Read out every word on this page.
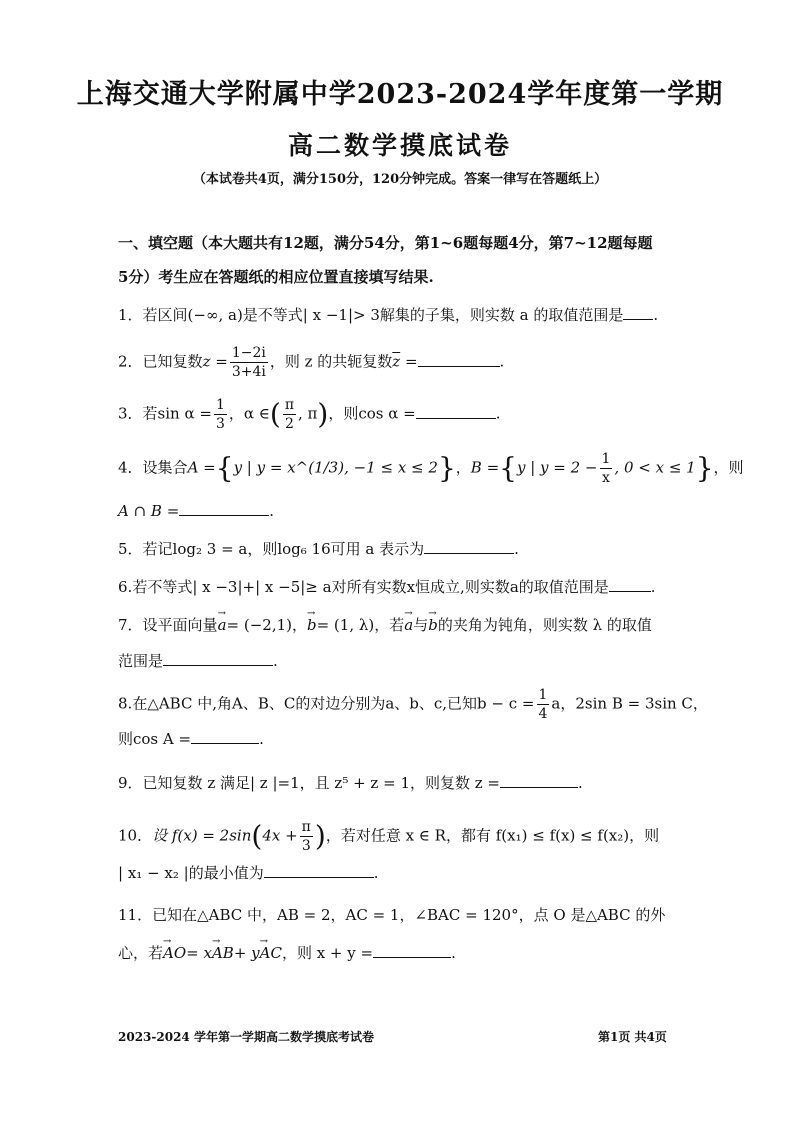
上海交通大学附属中学2023-2024学年度第一学期
高二数学摸底试卷
（本试卷共4页，满分150分，120分钟完成。答案一律写在答题纸上）
一、填空题（本大题共有12题，满分54分，第1~6题每题4分，第7~12题每题
5分）考生应在答题纸的相应位置直接填写结果.
1．若区间(−∞, a)是不等式| x −1|> 3解集的子集，则实数 a 的取值范围是 .
2．已知复数$z = \frac{1-2i}{3+4i}$ ，则 z 的共轭复数$\overline{z}$ =	.
3．若$\sin \alpha = \frac{1}{3}$ ，α ∈( $\frac{\pi}{2}$ , π)，则cos α =	.
4．设集合A ={y | y = x^(1/3), −1 ≤ x ≤ 2}，B ={y | $y = 2 - \frac{1}{x}$ , 0 < x ≤ 1}，则
A ∩ B =	.
5．若记log₂ 3 = a，则log₆ 16可用 a 表示为	.
6.若不等式| x −3|+| x −5|≥ a对所有实数x恒成立,则实数a的取值范围是	.
7．设平面向量→ a= (−2,1)，→ b= (1, λ)，若→ a与→ b的夹角为钝角，则实数 λ 的取值
范围是	.
8.在△ABC 中,角A、B、C的对边分别为a、b、c,已知$b - c = \frac{1}{4}$ a，2sin B = 3sin C，
则cos A =	.
9．已知复数 z 满足| z |=1，且 z⁵ + z = 1，则复数 z =	.
10．设 $f(x) = 2\sin(4x + \frac{\pi}{3}$ )，若对任意 x ∈ R，都有 f(x₁) ≤ f(x) ≤ f(x₂)，则
| x₁ − x₂ |的最小值为	.
11．已知在△ABC 中，AB = 2，AC = 1，∠BAC = 120°，点 O 是△ABC 的外
心，若→ AO= x→ AB+ y→ AC，则 x + y =	.
2023-2024 学年第一学期高二数学摸底考试卷	第1页 共4页
